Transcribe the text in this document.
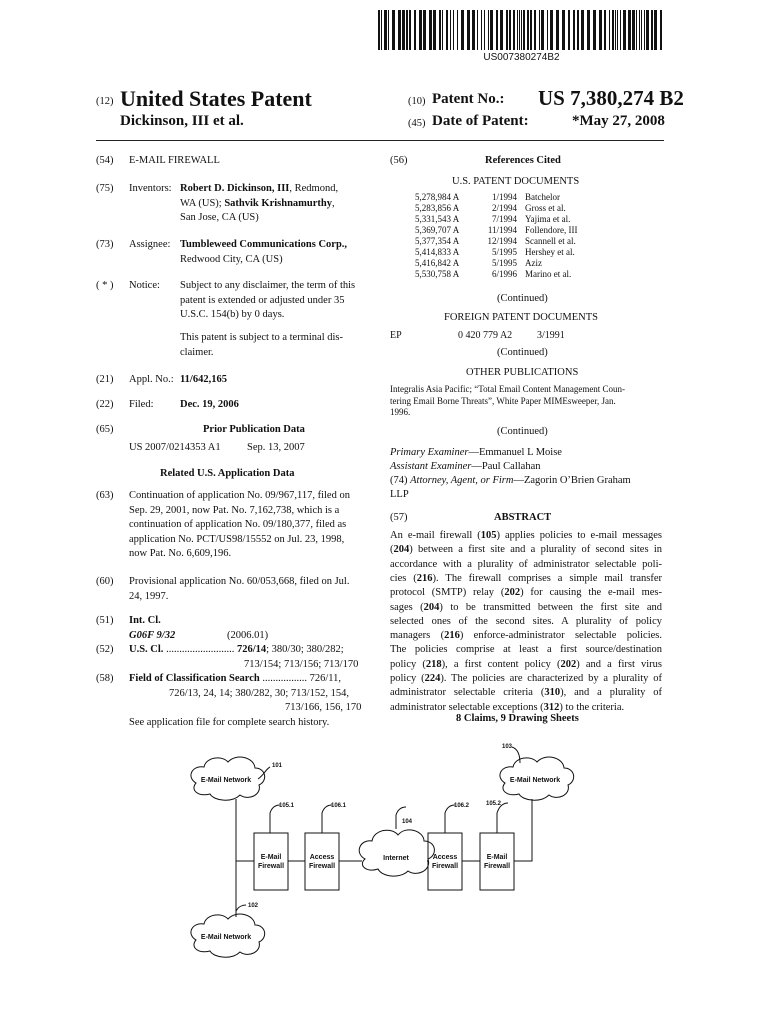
US007380274B2
(12) United States Patent
Dickinson, III et al.
(10) Patent No.: US 7,380,274 B2
(45) Date of Patent:	*May 27, 2008
(54) E-MAIL FIREWALL
(75) Inventors: Robert D. Dickinson, III, Redmond,
WA (US); Sathvik Krishnamurthy,
San Jose, CA (US)
(73) Assignee: Tumbleweed Communications Corp.,
Redwood City, CA (US)
( * ) Notice: Subject to any disclaimer, the term of this
patent is extended or adjusted under 35
U.S.C. 154(b) by 0 days.
This patent is subject to a terminal dis-
claimer.
(21) Appl. No.: 11/642,165
(22) Filed:	Dec. 19, 2006
(65)	Prior Publication Data
US 2007/0214353 A1	Sep. 13, 2007
Related U.S. Application Data
(63) Continuation of application No. 09/967,117, filed on
Sep. 29, 2001, now Pat. No. 7,162,738, which is a
continuation of application No. 09/180,377, filed as
application No. PCT/US98/15552 on Jul. 23, 1998,
now Pat. No. 6,609,196.
(60) Provisional application No. 60/053,668, filed on Jul.
24, 1997.
(51) Int. Cl.
G06F 9/32	(2006.01)
(52) U.S. Cl. .......................... 726/14; 380/30; 380/282;
713/154; 713/156; 713/170
(58) Field of Classification Search ................. 726/11,
726/13, 24, 14; 380/282, 30; 713/152, 154,
713/166, 156, 170
See application file for complete search history.
(56)	References Cited
U.S. PATENT DOCUMENTS
5,278,984 A	1/1994 Batchelor
5,283,856 A	2/1994 Gross et al.
5,331,543 A	7/1994 Yajima et al.
5,369,707 A	11/1994 Follendore, III
5,377,354 A	12/1994 Scannell et al.
5,414,833 A	5/1995 Hershey et al.
5,416,842 A	5/1995 Aziz
5,530,758 A	6/1996 Marino et al.
(Continued)
FOREIGN PATENT DOCUMENTS
EP	0 420 779 A2 3/1991
(Continued)
OTHER PUBLICATIONS
Integralis Asia Pacific; “Total Email Content Management Coun-
tering Email Borne Threats”, White Paper MIMEsweeper, Jan.
1996.
(Continued)
Primary Examiner—Emmanuel L Moise
Assistant Examiner—Paul Callahan
(74) Attorney, Agent, or Firm—Zagorin O’Brien Graham
LLP
(57)	ABSTRACT
An e-mail firewall (105) applies policies to e-mail messages
(204) between a first site and a plurality of second sites in
accordance with a plurality of administrator selectable poli-
cies (216). The firewall comprises a simple mail transfer
protocol (SMTP) relay (202) for causing the e-mail mes-
sages (204) to be transmitted between the first site and
selected ones of the second sites. A plurality of policy
managers (216) enforce-administrator selectable policies.
The policies comprise at least a first source/destination
policy (218), a first content policy (202) and a first virus
policy (224). The policies are characterized by a plurality of
administrator selectable criteria (310), and a plurality of
administrator selectable exceptions (312) to the criteria.
8 Claims, 9 Drawing Sheets
E-Mail Network	E-Mail Network
E-Mail Network
Internet
E-Mail
Firewall
Access
Firewall
Access
Firewall
E-Mail
Firewall
101
103
104
105.1	106.1	106.2	105.2
102
